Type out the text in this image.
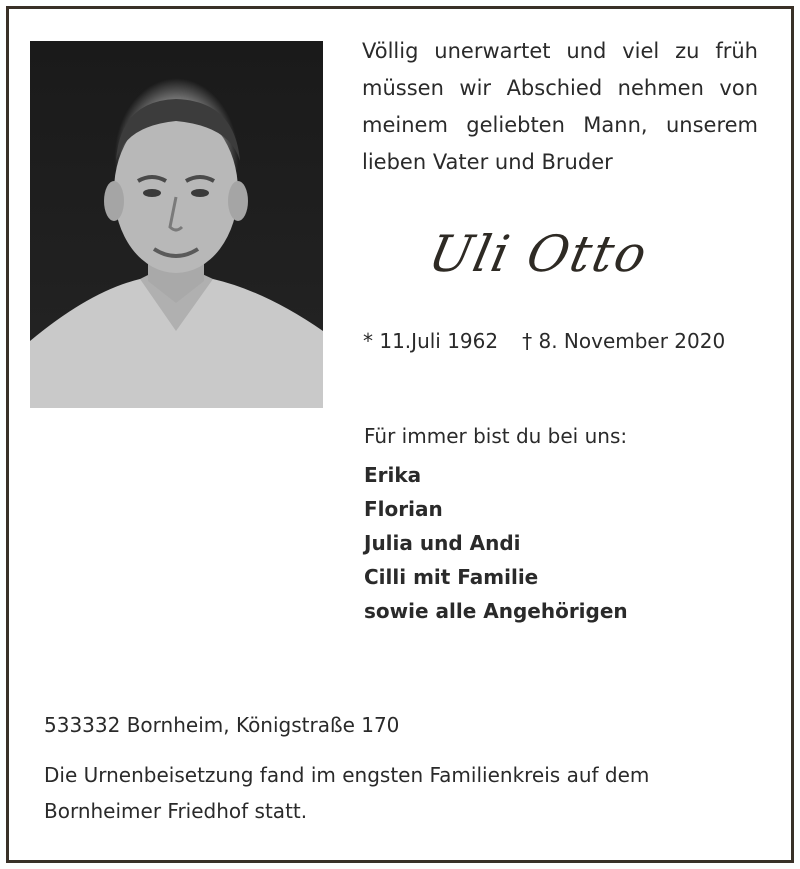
Völlig unerwartet und viel zu früh müssen wir Abschied nehmen von meinem geliebten Mann, unserem lieben Vater und Bruder
Uli Otto
* 11.Juli 1962 † 8. November 2020
Für immer bist du bei uns:
Erika
Florian
Julia und Andi
Cilli mit Familie
sowie alle Angehörigen
533332 Bornheim, Königstraße 170
Die Urnenbeisetzung fand im engsten Familienkreis auf dem Bornheimer Friedhof statt.
